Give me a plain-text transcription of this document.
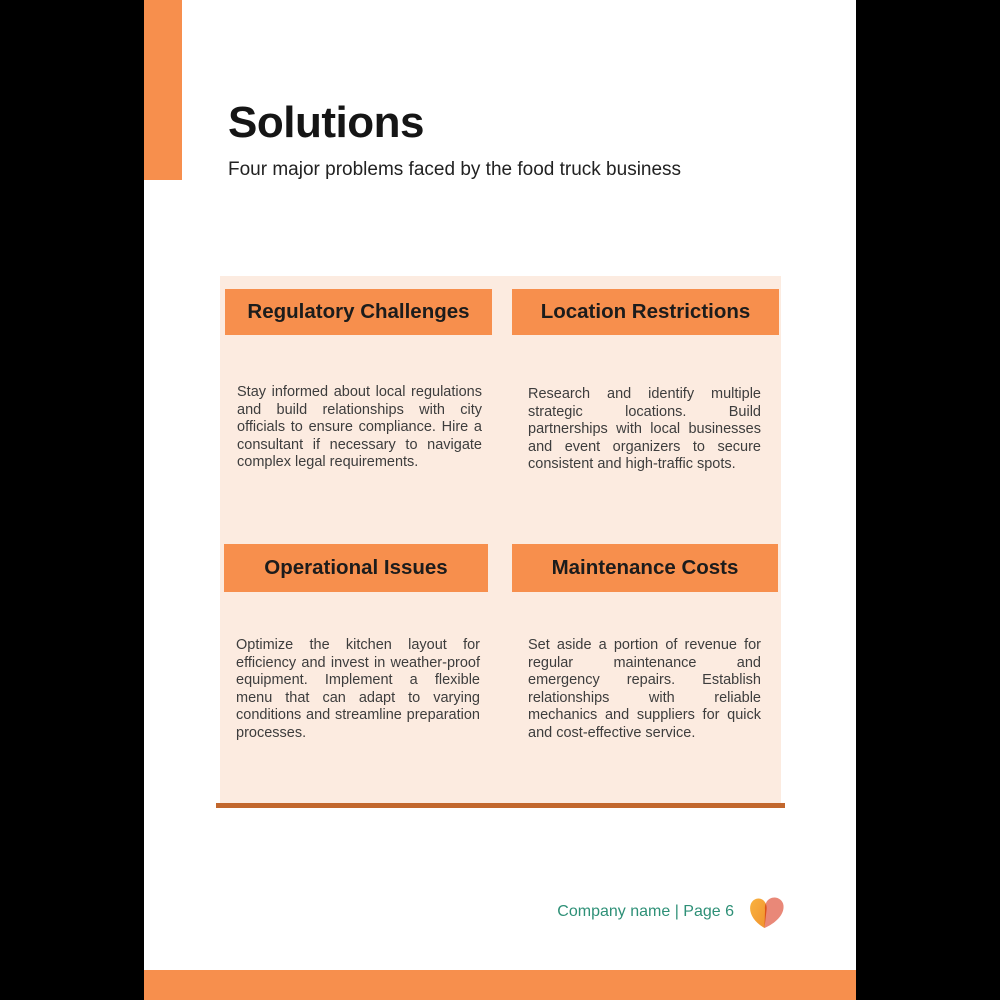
Solutions

Four major problems faced by the food truck business

Regulatory Challenges	Location Restrictions
Operational Issues	Maintenance Costs

Stay informed about local regulations and build relationships with city officials to ensure compliance. Hire a consultant if necessary to navigate complex legal requirements.

Research and identify multiple strategic locations. Build partnerships with local businesses and event organizers to secure consistent and high-traffic spots.

Optimize the kitchen layout for efficiency and invest in weather-proof equipment. Implement a flexible menu that can adapt to varying conditions and streamline preparation processes.

Set aside a portion of revenue for regular maintenance and emergency repairs. Establish relationships with reliable mechanics and suppliers for quick and cost-effective service.

Company name | Page 6
